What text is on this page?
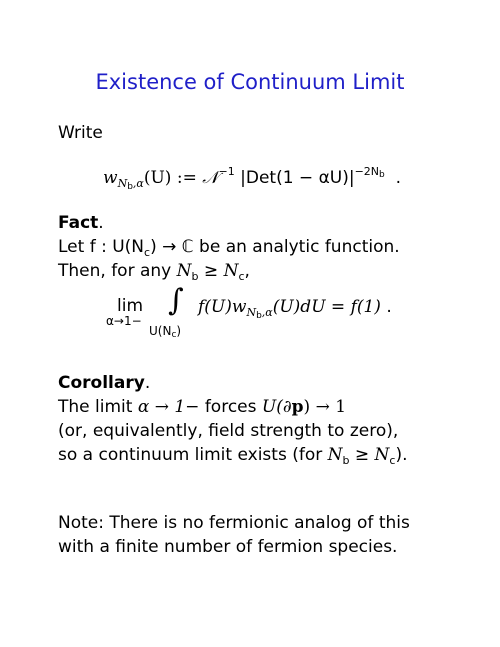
Existence of Continuum Limit
Write
$w_{Nb,\alpha}(U)$ := 𝒩$^{-1}$ $|Det(1 - \alpha U)|^{-2Nb}$ .
Fact.
Let f : $U(N_c)$ → ℂ be an analytic function.
Then, for any $N_b \ge N_c$,
lim
α→1−
∫
U(Nc)
$f(U)w_{Nb,\alpha}(U)dU = f(1)$ .
Corollary.
The limit α → 1− forces U(∂p) → 1
(or, equivalently, field strength to zero),
so a continuum limit exists (for $N_b \ge N_c$).
Note: There is no fermionic analog of this
with a finite number of fermion species.
